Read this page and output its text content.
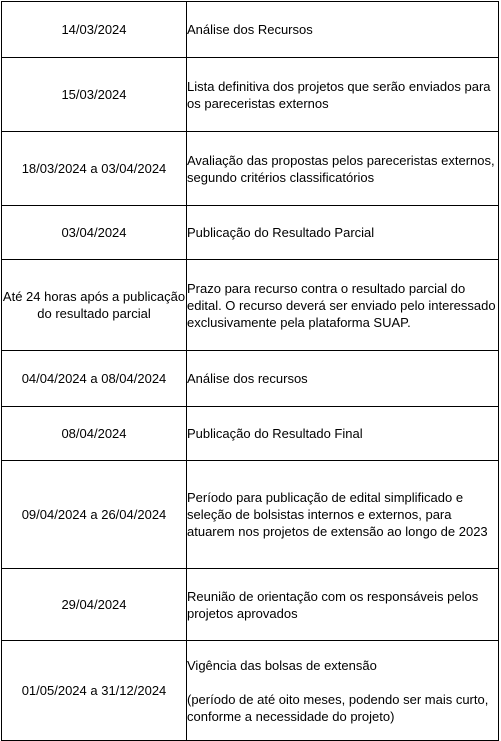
14/03/2024	Análise dos Recursos

15/03/2024	Lista definitiva dos projetos que serão enviados para os pareceristas externos

18/03/2024 a 03/04/2024	Avaliação das propostas pelos pareceristas externos, segundo critérios classificatórios

03/04/2024	Publicação do Resultado Parcial

Até 24 horas após a publicação do resultado parcial	Prazo para recurso contra o resultado parcial do edital. O recurso deverá ser enviado pelo interessado exclusivamente pela plataforma SUAP.

04/04/2024 a 08/04/2024	Análise dos recursos

08/04/2024	Publicação do Resultado Final

09/04/2024 a 26/04/2024	Período para publicação de edital simplificado e seleção de bolsistas internos e externos, para atuarem nos projetos de extensão ao longo de 2023

29/04/2024	Reunião de orientação com os responsáveis pelos projetos aprovados

01/05/2024 a 31/12/2024	Vigência das bolsas de extensão
(período de até oito meses, podendo ser mais curto, conforme a necessidade do projeto)
